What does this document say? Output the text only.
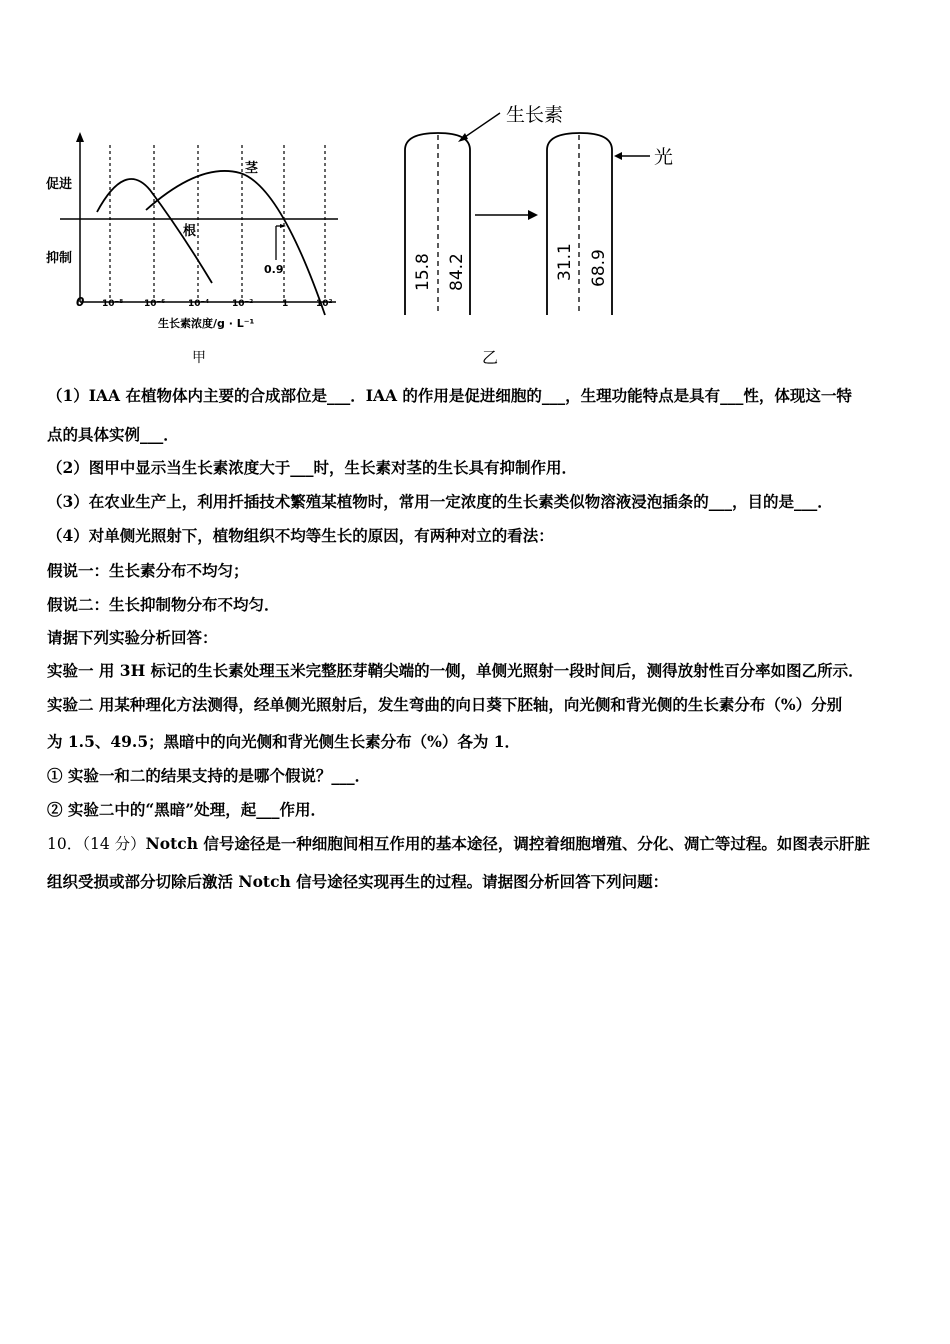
促进
抑制
茎
根
0.9
0 10⁻⁸ 10⁻⁶	10⁻⁴	10⁻²	1	10²
生长素浓度/g · L⁻¹
甲
生长素
15.8 84.2
光
31.1 68.9
乙
（1）IAA 在植物体内主要的合成部位是___．IAA 的作用是促进细胞的___，生理功能特点是具有___性，体现这一特
点的具体实例___．
（2）图甲中显示当生长素浓度大于___时，生长素对茎的生长具有抑制作用．
（3）在农业生产上，利用扦插技术繁殖某植物时，常用一定浓度的生长素类似物溶液浸泡插条的___，目的是___．
（4）对单侧光照射下，植物组织不均等生长的原因，有两种对立的看法：
假说一：生长素分布不均匀；
假说二：生长抑制物分布不均匀．
请据下列实验分析回答：
实验一 用 3H 标记的生长素处理玉米完整胚芽鞘尖端的一侧，单侧光照射一段时间后，测得放射性百分率如图乙所示．
实验二 用某种理化方法测得，经单侧光照射后，发生弯曲的向日葵下胚轴，向光侧和背光侧的生长素分布（%）分别
为 1.5、49.5；黑暗中的向光侧和背光侧生长素分布（%）各为 1．
① 实验一和二的结果支持的是哪个假说？___．
② 实验二中的“黑暗”处理，起___作用．
10．（14 分）Notch 信号途径是一种细胞间相互作用的基本途径，调控着细胞增殖、分化、凋亡等过程。如图表示肝脏
组织受损或部分切除后激活 Notch 信号途径实现再生的过程。请据图分析回答下列问题：
